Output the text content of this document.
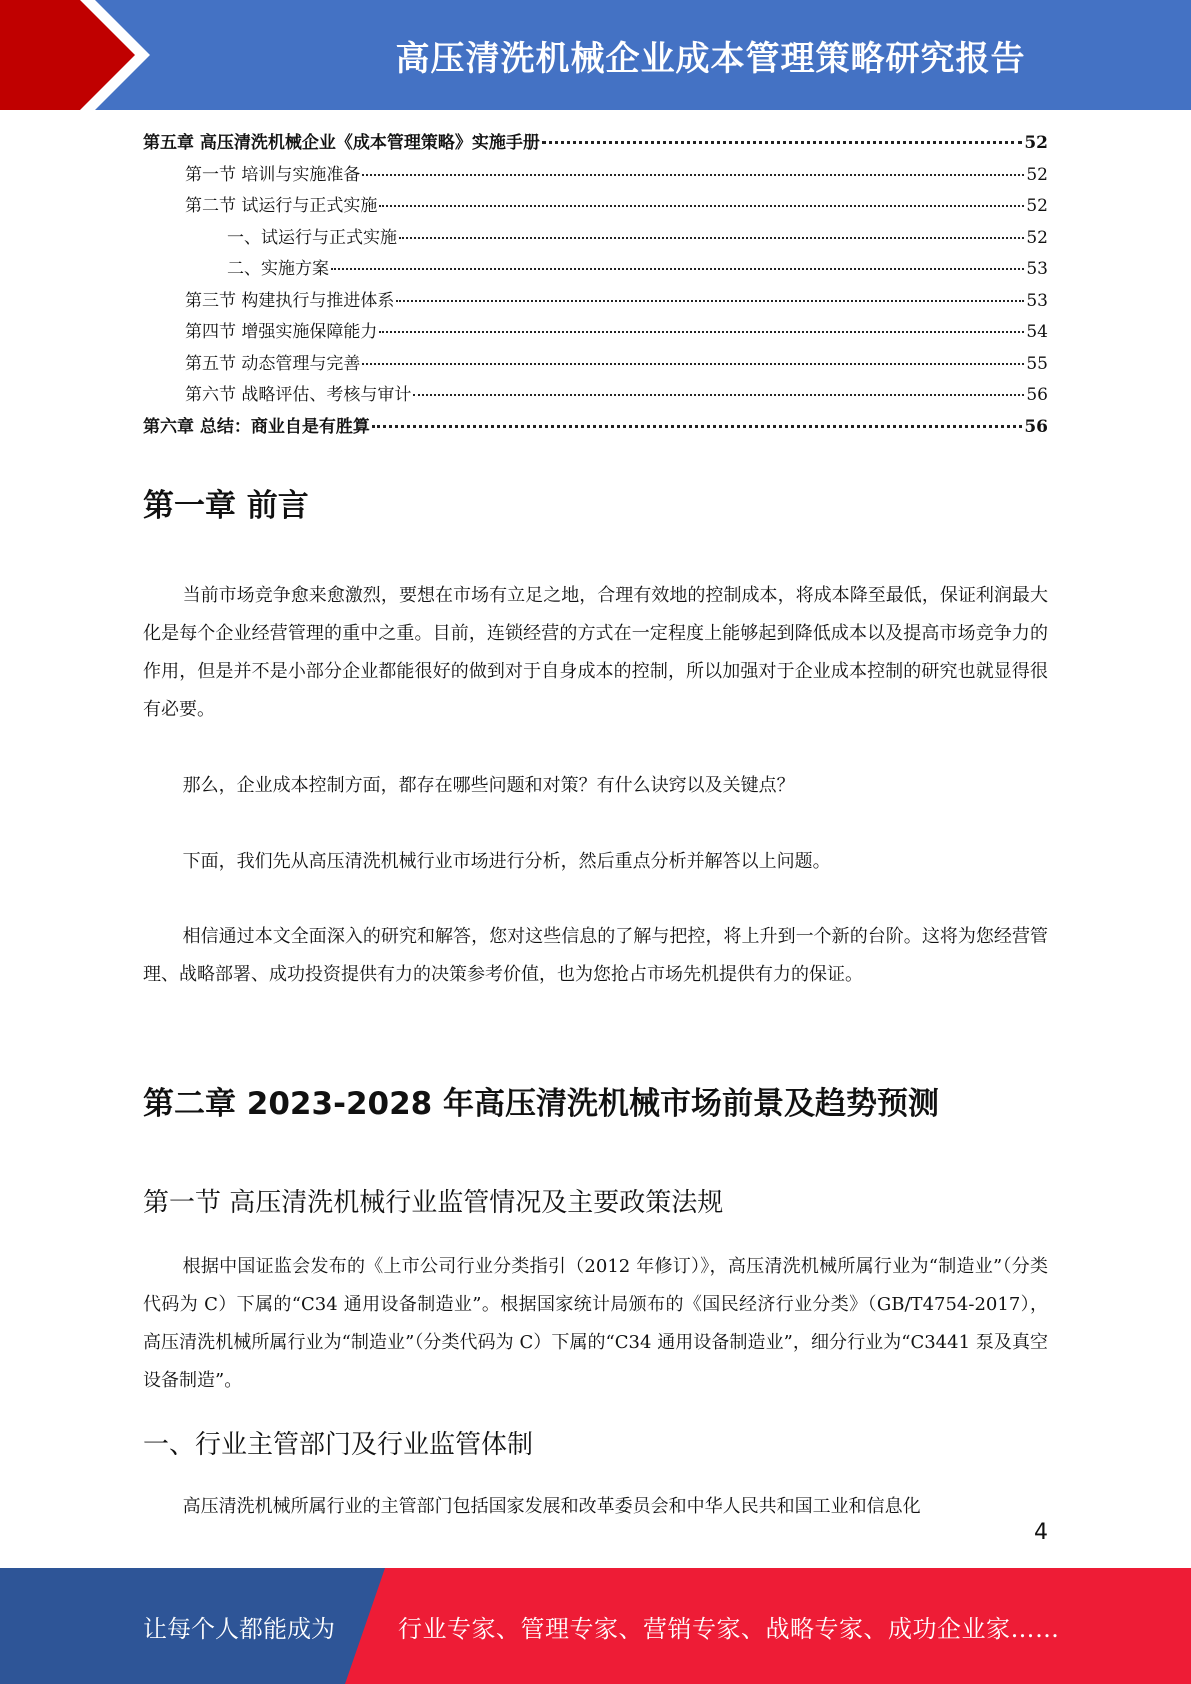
高压清洗机械企业成本管理策略研究报告
第五章 高压清洗机械企业《成本管理策略》实施手册	52
第一节 培训与实施准备	52
第二节 试运行与正式实施	52
一、试运行与正式实施	52
二、实施方案	53
第三节 构建执行与推进体系	53
第四节 增强实施保障能力	54
第五节 动态管理与完善	55
第六节 战略评估、考核与审计	56
第六章 总结：商业自是有胜算	56
第一章 前言

当前市场竞争愈来愈激烈，要想在市场有立足之地，合理有效地的控制成本，将成本降至最低，保证利润最大化是每个企业经营管理的重中之重。目前，连锁经营的方式在一定程度上能够起到降低成本以及提高市场竞争力的作用，但是并不是小部分企业都能很好的做到对于自身成本的控制，所以加强对于企业成本控制的研究也就显得很有必要。

那么，企业成本控制方面，都存在哪些问题和对策？有什么诀窍以及关键点？

下面，我们先从高压清洗机械行业市场进行分析，然后重点分析并解答以上问题。

相信通过本文全面深入的研究和解答，您对这些信息的了解与把控，将上升到一个新的台阶。这将为您经营管理、战略部署、成功投资提供有力的决策参考价值，也为您抢占市场先机提供有力的保证。

第二章 2023-2028 年高压清洗机械市场前景及趋势预测
第一节 高压清洗机械行业监管情况及主要政策法规

根据中国证监会发布的《上市公司行业分类指引（2012 年修订）》，高压清洗机械所属行业为“制造业”（分类代码为 C）下属的“C34 通用设备制造业”。根据国家统计局颁布的《国民经济行业分类》（GB/T4754-2017），高压清洗机械所属行业为“制造业”（分类代码为 C）下属的“C34 通用设备制造业”，细分行业为“C3441 泵及真空设备制造”。

一、行业主管部门及行业监管体制

高压清洗机械所属行业的主管部门包括国家发展和改革委员会和中华人民共和国工业和信息化

4
让每个人都能成为	行业专家、管理专家、营销专家、战略专家、成功企业家……
